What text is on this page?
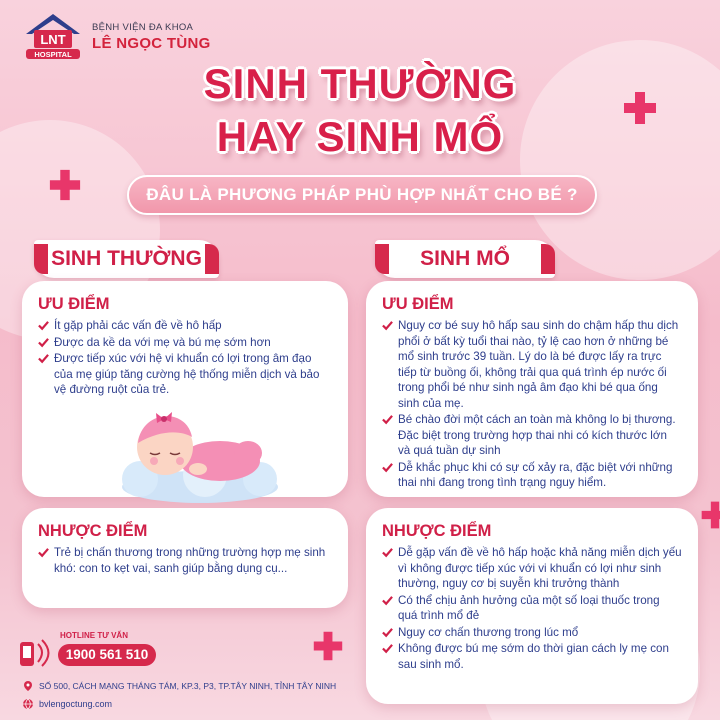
LNT
HOSPITAL
BỆNH VIỆN ĐA KHOA
LÊ NGỌC TÙNG
SINH THƯỜNG
HAY SINH MỔ
ĐÂU LÀ PHƯƠNG PHÁP PHÙ HỢP NHẤT CHO BÉ ?
SINH THƯỜNG	SINH MỔ
ƯU ĐIỂM
Ít gặp phải các vấn đề về hô hấp
Được da kề da với mẹ và bú mẹ sớm hơn
Được tiếp xúc với hệ vi khuẩn có lợi trong âm đạo của mẹ giúp tăng cường hệ thống miễn dịch và bảo vệ đường ruột của trẻ.
NHƯỢC ĐIỂM
Trẻ bị chấn thương trong những trường hợp mẹ sinh khó: con to kẹt vai, sanh giúp bằng dụng cụ...
ƯU ĐIỂM
Nguy cơ bé suy hô hấp sau sinh do chậm hấp thu dịch phổi ở bất kỳ tuổi thai nào, tỷ lệ cao hơn ở những bé mổ sinh trước 39 tuần. Lý do là bé được lấy ra trực tiếp từ buồng ối, không trải qua quá trình ép nước ối trong phổi bé như sinh ngả âm đạo khi bé qua ống sinh của mẹ.
Bé chào đời một cách an toàn mà không lo bị thương. Đặc biệt trong trường hợp thai nhi có kích thước lớn và quá tuần dự sinh
Dễ khắc phục khi có sự cố xảy ra, đặc biệt với những thai nhi đang trong tình trạng nguy hiểm.
NHƯỢC ĐIỂM
Dễ gặp vấn đề về hô hấp hoặc khả năng miễn dịch yếu vì không được tiếp xúc với vi khuẩn có lợi như sinh thường, nguy cơ bị suyễn khi trưởng thành
Có thể chịu ảnh hưởng của một số loại thuốc trong quá trình mổ đẻ
Nguy cơ chấn thương trong lúc mổ
Không được bú mẹ sớm do thời gian cách ly mẹ con sau sinh mổ.
HOTLINE TƯ VẤN
1900 561 510
SỐ 500, CÁCH MẠNG THÁNG TÁM, KP.3, P3, TP.TÂY NINH, TỈNH TÂY NINH
bvlengoctung.com
